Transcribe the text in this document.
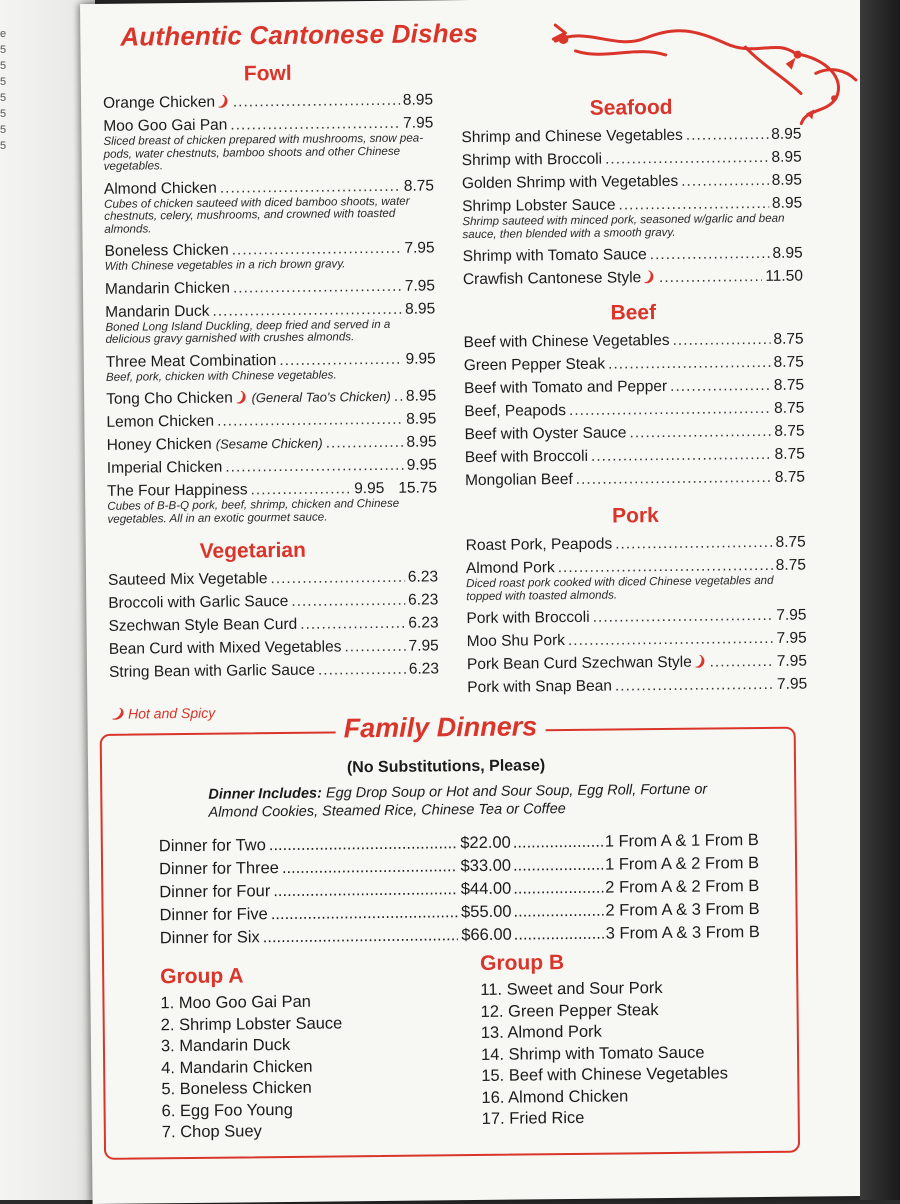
e
5
5
5
5
5
5
5
Authentic Cantonese Dishes
Fowl
Orange Chicken ❩ .....	8.95
Moo Goo Gai Pan .....	7.95
Sliced breast of chicken prepared with mushrooms, snow pea-pods, water chestnuts, bamboo shoots and other Chinese vegetables.
Almond Chicken .....	8.75
Cubes of chicken sauteed with diced bamboo shoots, water chestnuts, celery, mushrooms, and crowned with toasted almonds.
Boneless Chicken .....	7.95
With Chinese vegetables in a rich brown gravy.
Mandarin Chicken .....	7.95
Mandarin Duck .....	8.95
Boned Long Island Duckling, deep fried and served in a delicious gravy garnished with crushes almonds.
Three Meat Combination .....	9.95
Beef, pork, chicken with Chinese vegetables.
Tong Cho Chicken ❩ (General Tao's Chicken) ..... 8.95
Lemon Chicken .....	8.95
Honey Chicken (Sesame Chicken) .....	8.95
Imperial Chicken .....	9.95
The Four Happiness .....	9.95 15.75
Cubes of B-B-Q pork, beef, shrimp, chicken and Chinese vegetables. All in an exotic gourmet sauce.
Vegetarian
Sauteed Mix Vegetable .....	6.23
Broccoli with Garlic Sauce .....	6.23
Szechwan Style Bean Curd .....	6.23
Bean Curd with Mixed Vegetables .....	7.95
String Bean with Garlic Sauce .....	6.23
Seafood
Shrimp and Chinese Vegetables .....	8.95
Shrimp with Broccoli .....	8.95
Golden Shrimp with Vegetables .....	8.95
Shrimp Lobster Sauce .....	8.95
Shrimp sauteed with minced pork, seasoned w/garlic and bean sauce, then blended with a smooth gravy.
Shrimp with Tomato Sauce .....	8.95
Crawfish Cantonese Style ❩ .....	11.50
Beef
Beef with Chinese Vegetables .....	8.75
Green Pepper Steak .....	8.75
Beef with Tomato and Pepper .....	8.75
Beef, Peapods .....	8.75
Beef with Oyster Sauce .....	8.75
Beef with Broccoli .....	8.75
Mongolian Beef .....	8.75
Pork
Roast Pork, Peapods .....	8.75
Almond Pork .....	8.75
Diced roast pork cooked with diced Chinese vegetables and topped with toasted almonds.
Pork with Broccoli .....	7.95
Moo Shu Pork .....	7.95
Pork Bean Curd Szechwan Style ❩ .....	7.95
Pork with Snap Bean .....	7.95
❩ Hot and Spicy	Family Dinners
(No Substitutions, Please)
Dinner Includes: Egg Drop Soup or Hot and Sour Soup, Egg Roll, Fortune or Almond Cookies, Steamed Rice, Chinese Tea or Coffee
Dinner for Two .....	$22.00 .....	1 From A & 1 From B
Dinner for Three .....	$33.00 .....	1 From A & 2 From B
Dinner for Four .....	$44.00 .....	2 From A & 2 From B
Dinner for Five .....	$55.00 .....	2 From A & 3 From B
Dinner for Six .....	$66.00 .....	3 From A & 3 From B
Group A
1. Moo Goo Gai Pan
2. Shrimp Lobster Sauce
3. Mandarin Duck
4. Mandarin Chicken
5. Boneless Chicken
6. Egg Foo Young
7. Chop Suey
Group B
11. Sweet and Sour Pork
12. Green Pepper Steak
13. Almond Pork
14. Shrimp with Tomato Sauce
15. Beef with Chinese Vegetables
16. Almond Chicken
17. Fried Rice
